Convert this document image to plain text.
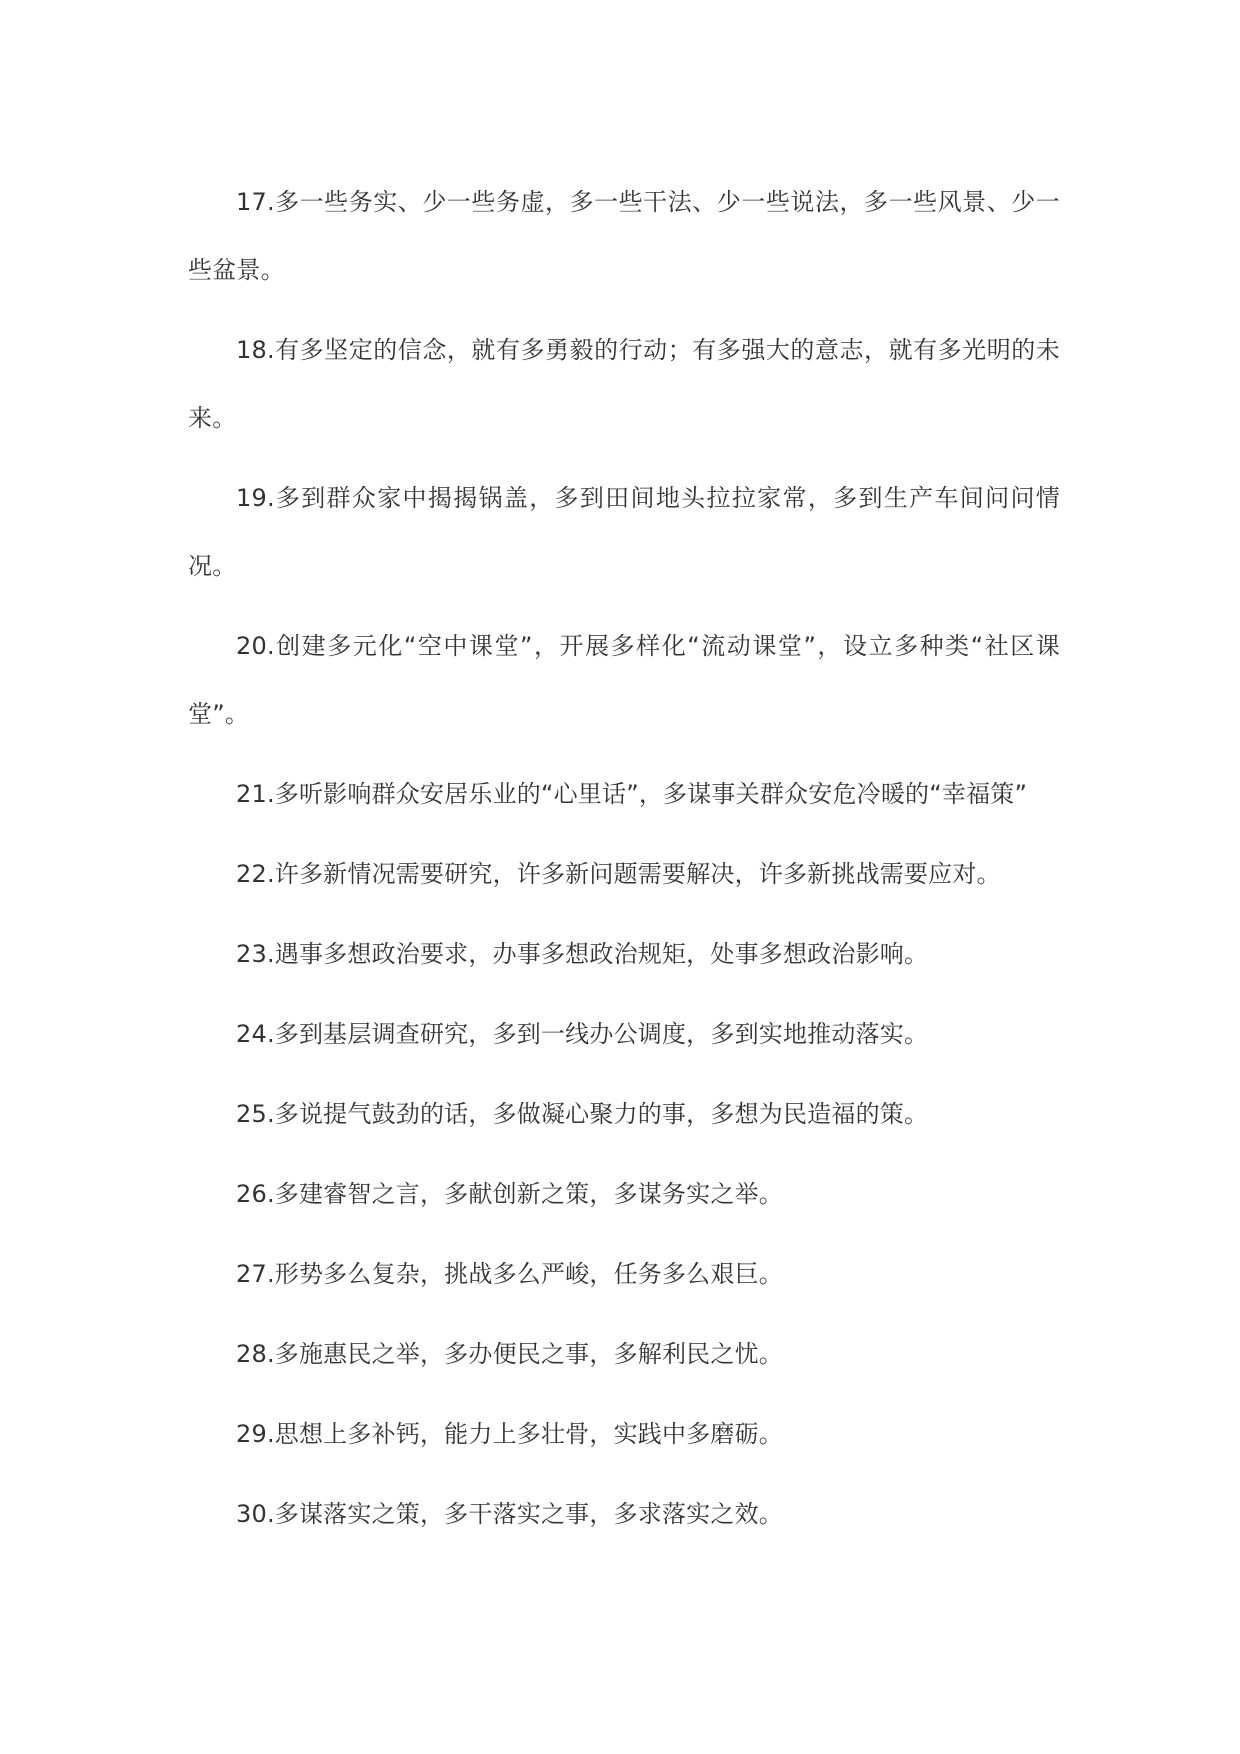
17.多一些务实、少一些务虚，多一些干法、少一些说法，多一些风景、少一些盆景。

18.有多坚定的信念，就有多勇毅的行动；有多强大的意志，就有多光明的未来。

19.多到群众家中揭揭锅盖，多到田间地头拉拉家常，多到生产车间问问情况。

20.创建多元化“空中课堂”，开展多样化“流动课堂”，设立多种类“社区课堂”。

21.多听影响群众安居乐业的“心里话”，多谋事关群众安危冷暖的“幸福策”

22.许多新情况需要研究，许多新问题需要解决，许多新挑战需要应对。

23.遇事多想政治要求，办事多想政治规矩，处事多想政治影响。

24.多到基层调查研究，多到一线办公调度，多到实地推动落实。

25.多说提气鼓劲的话，多做凝心聚力的事，多想为民造福的策。

26.多建睿智之言，多献创新之策，多谋务实之举。

27.形势多么复杂，挑战多么严峻，任务多么艰巨。

28.多施惠民之举，多办便民之事，多解利民之忧。

29.思想上多补钙，能力上多壮骨，实践中多磨砺。

30.多谋落实之策，多干落实之事，多求落实之效。
